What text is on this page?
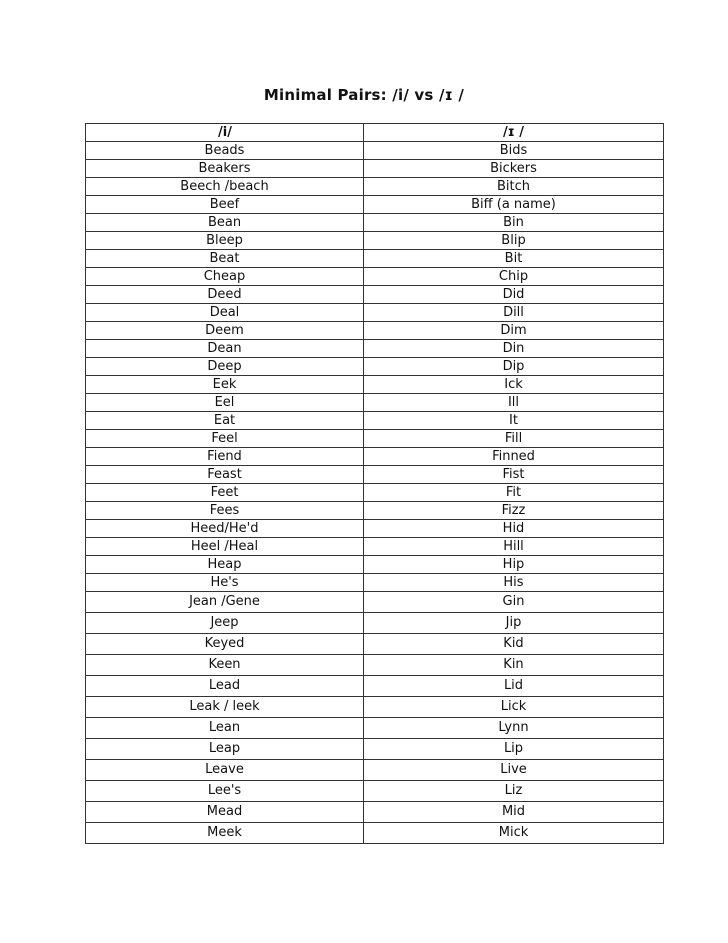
Minimal Pairs: /i/ vs /ɪ /
/i/	/ɪ /
Beads	Bids
Beakers	Bickers
Beech /beach	Bitch
Beef	Biff (a name)
Bean	Bin
Bleep	Blip
Beat	Bit
Cheap	Chip
Deed	Did
Deal	Dill
Deem	Dim
Dean	Din
Deep	Dip
Eek	Ick
Eel	Ill
Eat	It
Feel	Fill
Fiend	Finned
Feast	Fist
Feet	Fit
Fees	Fizz
Heed/He'd	Hid
Heel /Heal	Hill
Heap	Hip
He's	His
Jean /Gene	Gin
Jeep	Jip
Keyed	Kid
Keen	Kin
Lead	Lid
Leak / leek	Lick
Lean	Lynn
Leap	Lip
Leave	Live
Lee's	Liz
Mead	Mid
Meek	Mick
